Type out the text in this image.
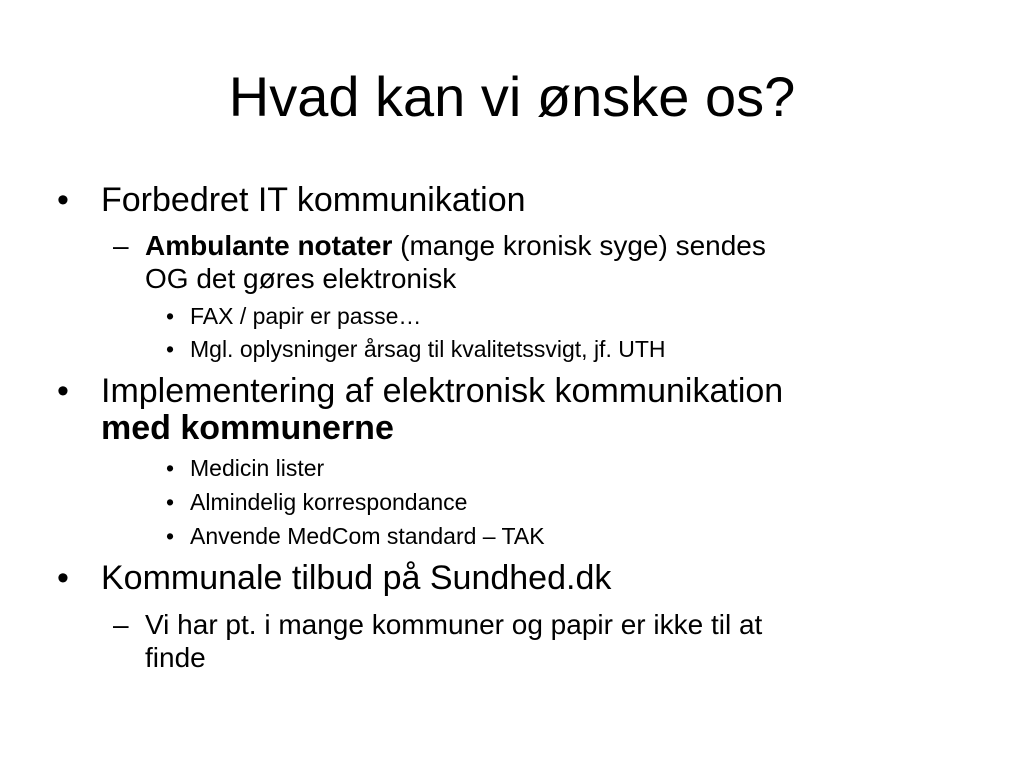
Hvad kan vi ønske os?
• Forbedret IT kommunikation
– Ambulante notater (mange kronisk syge) sendes
OG det gøres elektronisk
• FAX / papir er passe…
• Mgl. oplysninger årsag til kvalitetssvigt, jf. UTH
• Implementering af elektronisk kommunikation
med kommunerne
• Medicin lister
• Almindelig korrespondance
• Anvende MedCom standard – TAK
• Kommunale tilbud på Sundhed.dk
– Vi har pt. i mange kommuner og papir er ikke til at
finde
